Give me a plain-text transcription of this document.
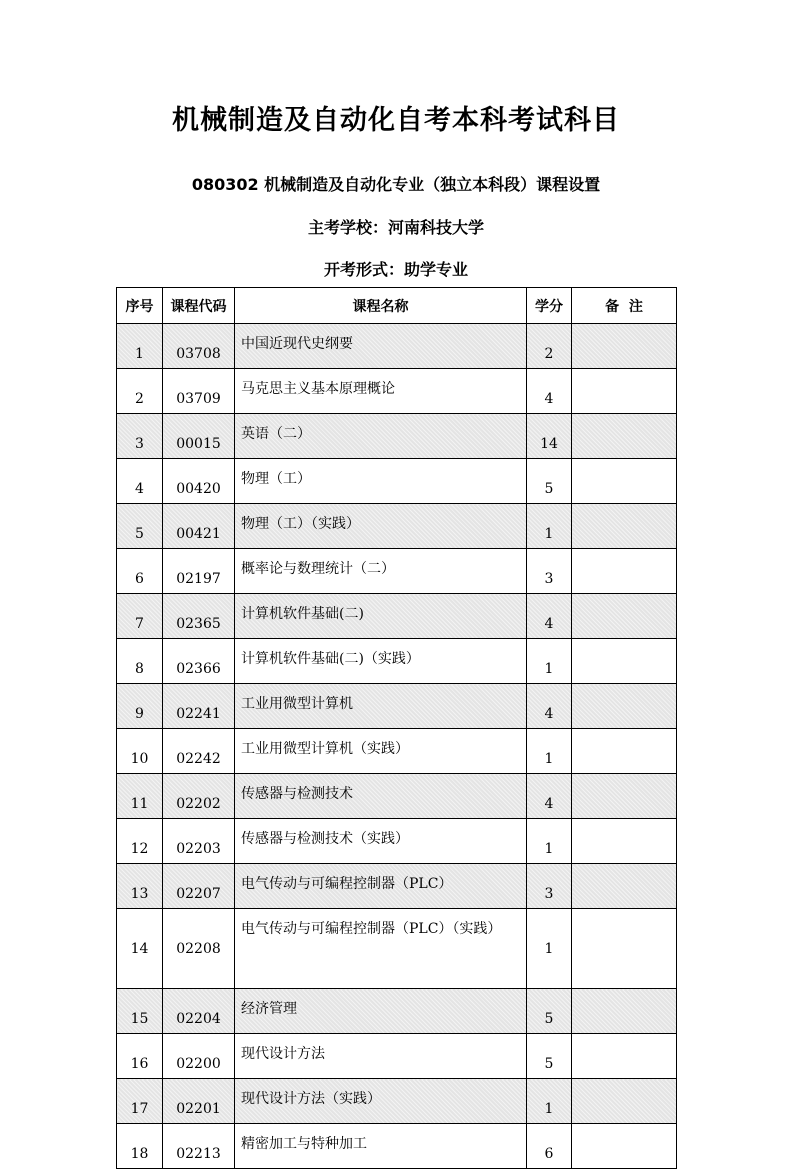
机械制造及自动化自考本科考试科目
080302 机械制造及自动化专业（独立本科段）课程设置
主考学校：河南科技大学
开考形式：助学专业
序号	课程代码	课程名称	学分	备  注
1	03708	中国近现代史纲要	2	
2	03709	马克思主义基本原理概论	4	
3	00015	英语（二）	14	
4	00420	物理（工）	5	
5	00421	物理（工）（实践）	1	
6	02197	概率论与数理统计（二）	3	
7	02365	计算机软件基础(二)	4	
8	02366	计算机软件基础(二)（实践）	1	
9	02241	工业用微型计算机	4	
10	02242	工业用微型计算机（实践）	1	
11	02202	传感器与检测技术	4	
12	02203	传感器与检测技术（实践）	1	
13	02207	电气传动与可编程控制器（PLC）	3	
14	02208	电气传动与可编程控制器（PLC）（实践）	1	
15	02204	经济管理	5	
16	02200	现代设计方法	5	
17	02201	现代设计方法（实践）	1	
18	02213	精密加工与特种加工	6	
